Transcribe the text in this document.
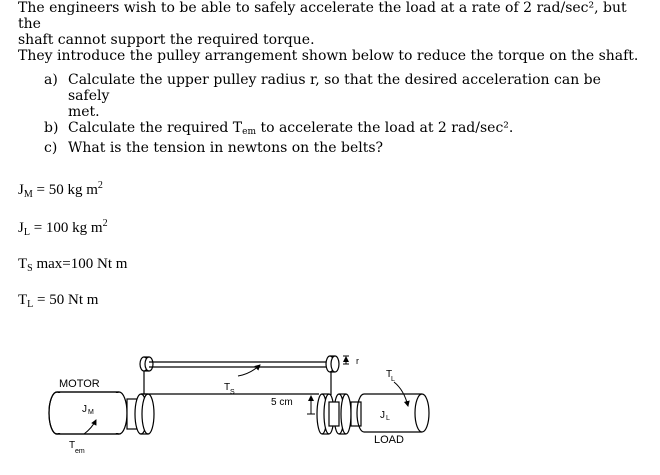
The engineers wish to be able to safely accelerate the load at a rate of 2 rad/sec², but the

shaft cannot support the required torque.

They introduce the pulley arrangement shown below to reduce the torque on the shaft.

a) Calculate the upper pulley radius r, so that the desired acceleration can be safely
met.
b) Calculate the required $T_{em}$ to accelerate the load at 2 rad/sec².
c) What is the tension in newtons on the belts?
$J_M = 50$ kg $m^2$
$J_L = 100$ kg $m^2$
$T_S$ max=100 Nt m
$T_L = 50$ Nt m
MOTOR
J M
T
em
T S
r
5 cm
T
L
J L
LOAD
